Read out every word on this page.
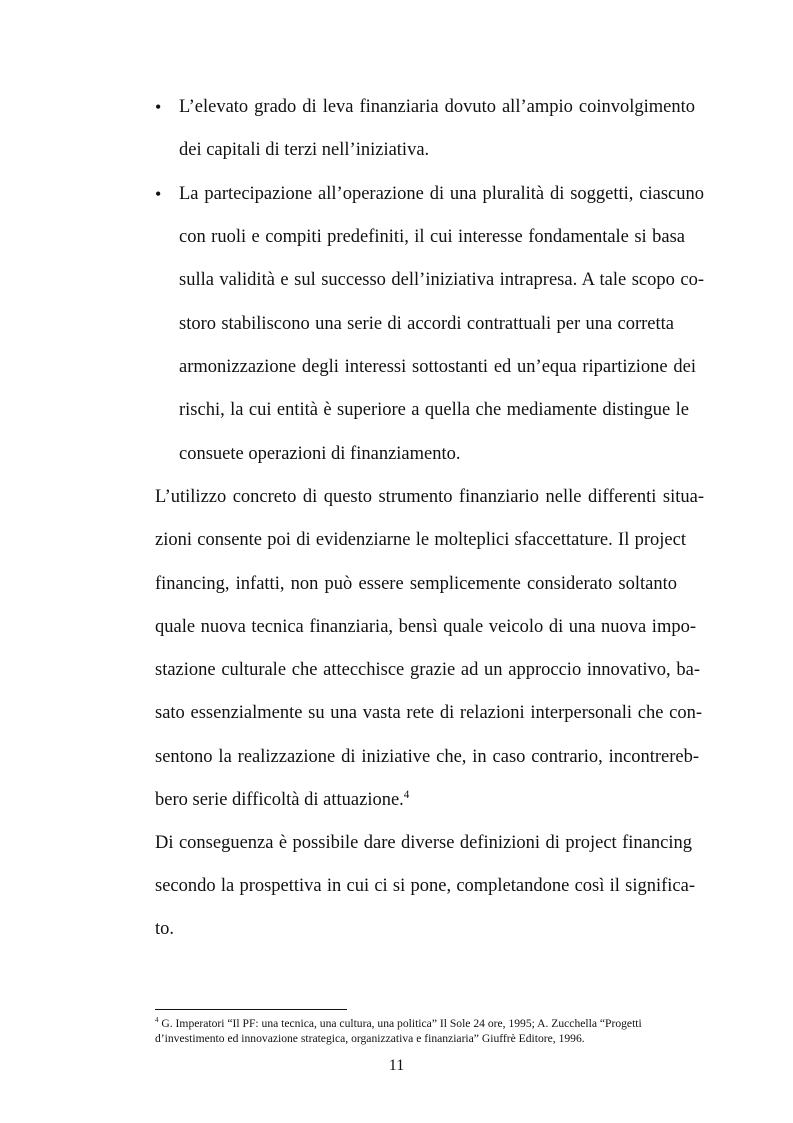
• L’elevato grado di leva finanziaria dovuto all’ampio coinvolgimento
dei capitali di terzi nell’iniziativa.
• La partecipazione all’operazione di una pluralità di soggetti, ciascuno
con ruoli e compiti predefiniti, il cui interesse fondamentale si basa
sulla validità e sul successo dell’iniziativa intrapresa. A tale scopo co-
storo stabiliscono una serie di accordi contrattuali per una corretta
armonizzazione degli interessi sottostanti ed un’equa ripartizione dei
rischi, la cui entità è superiore a quella che mediamente distingue le
consuete operazioni di finanziamento.
L’utilizzo concreto di questo strumento finanziario nelle differenti situa-
zioni consente poi di evidenziarne le molteplici sfaccettature. Il project
financing, infatti, non può essere semplicemente considerato soltanto
quale nuova tecnica finanziaria, bensì quale veicolo di una nuova impo-
stazione culturale che attecchisce grazie ad un approccio innovativo, ba-
sato essenzialmente su una vasta rete di relazioni interpersonali che con-
sentono la realizzazione di iniziative che, in caso contrario, incontrereb-
bero serie difficoltà di attuazione.$^4$
Di conseguenza è possibile dare diverse definizioni di project financing
secondo la prospettiva in cui ci si pone, completandone così il significa-
to.
$^4$ G. Imperatori “Il PF: una tecnica, una cultura, una politica” Il Sole 24 ore, 1995; A. Zucchella “Progetti
d’investimento ed innovazione strategica, organizzativa e finanziaria” Giuffrè Editore, 1996.
11
